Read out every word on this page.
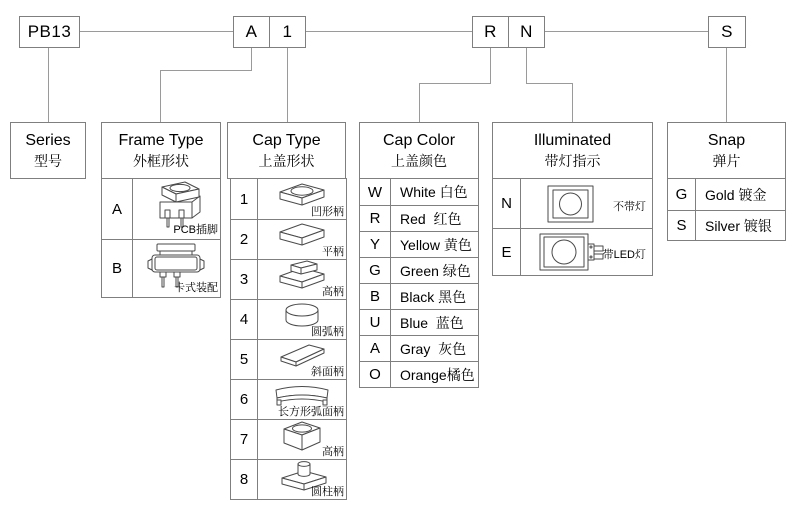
PB13	A	1	R	N	S
Series
型号
Frame Type
外框形状
Cap Type
上盖形状
Cap Color
上盖颜色
Illuminated
带灯指示
Snap
弹片
A
PCB插脚
B
卡式装配
1
凹形柄
2
平柄
3
高柄
4
圆弧柄
5
斜面柄
6
长方形弧面柄
7
高柄
8
圆柱柄
W	White 白色
R	Red  红色
Y	Yellow 黄色
G	Green 绿色
B	Black 黑色
U	Blue  蓝色
A	Gray  灰色
O	Orange橘色
N	不带灯
E	带LED灯
G	Gold 镀金
S	Silver 镀银
